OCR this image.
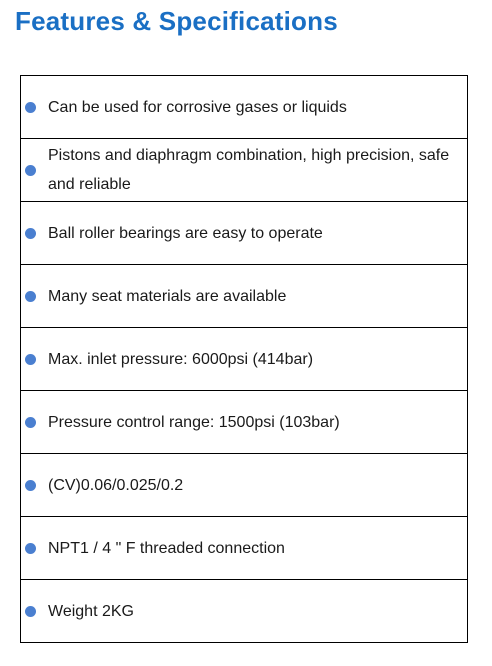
Features & Specifications
Can be used for corrosive gases or liquids
Pistons and diaphragm combination, high precision, safe and reliable
Ball roller bearings are easy to operate
Many seat materials are available
Max. inlet pressure: 6000psi (414bar)
Pressure control range: 1500psi (103bar)
(CV)0.06/0.025/0.2
NPT1 / 4 " F threaded connection
Weight 2KG
